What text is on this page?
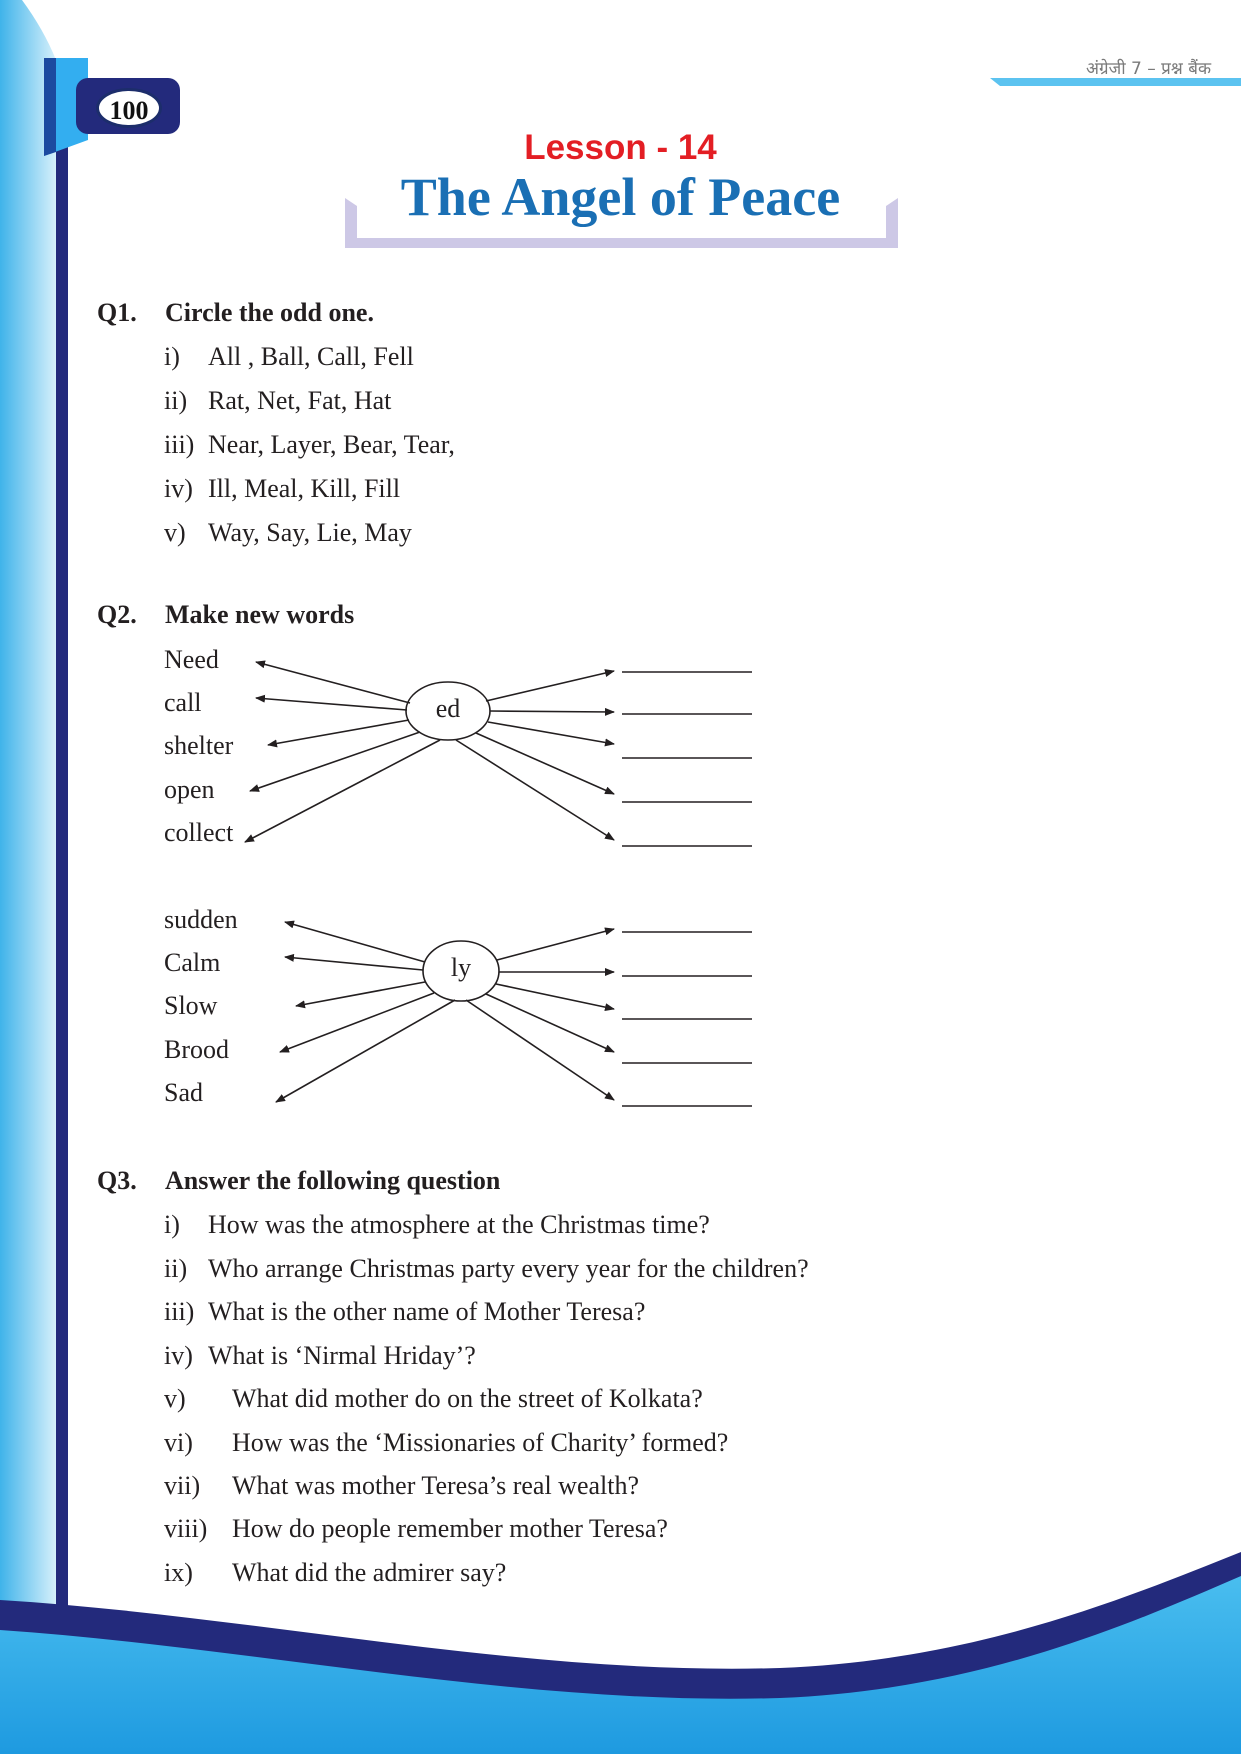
100
अंग्रेजी 7 – प्रश्न बैंक
Lesson - 14
The Angel of Peace
Q1. Circle the odd one.
i) All , Ball, Call, Fell
ii) Rat, Net, Fat, Hat
iii) Near, Layer, Bear, Tear,
iv) Ill, Meal, Kill, Fill
v) Way, Say, Lie, May
Q2. Make new words
Need
call
shelter
open
collect
sudden
Calm
Slow
Brood
Sad
ed
ly
Q3. Answer the following question
i) How was the atmosphere at the Christmas time?
ii) Who arrange Christmas party every year for the children?
iii) What is the other name of Mother Teresa?
iv) What is ‘Nirmal Hriday’?
v) What did mother do on the street of Kolkata?
vi) How was the ‘Missionaries of Charity’ formed?
vii) What was mother Teresa’s real wealth?
viii) How do people remember mother Teresa?
ix) What did the admirer say?
